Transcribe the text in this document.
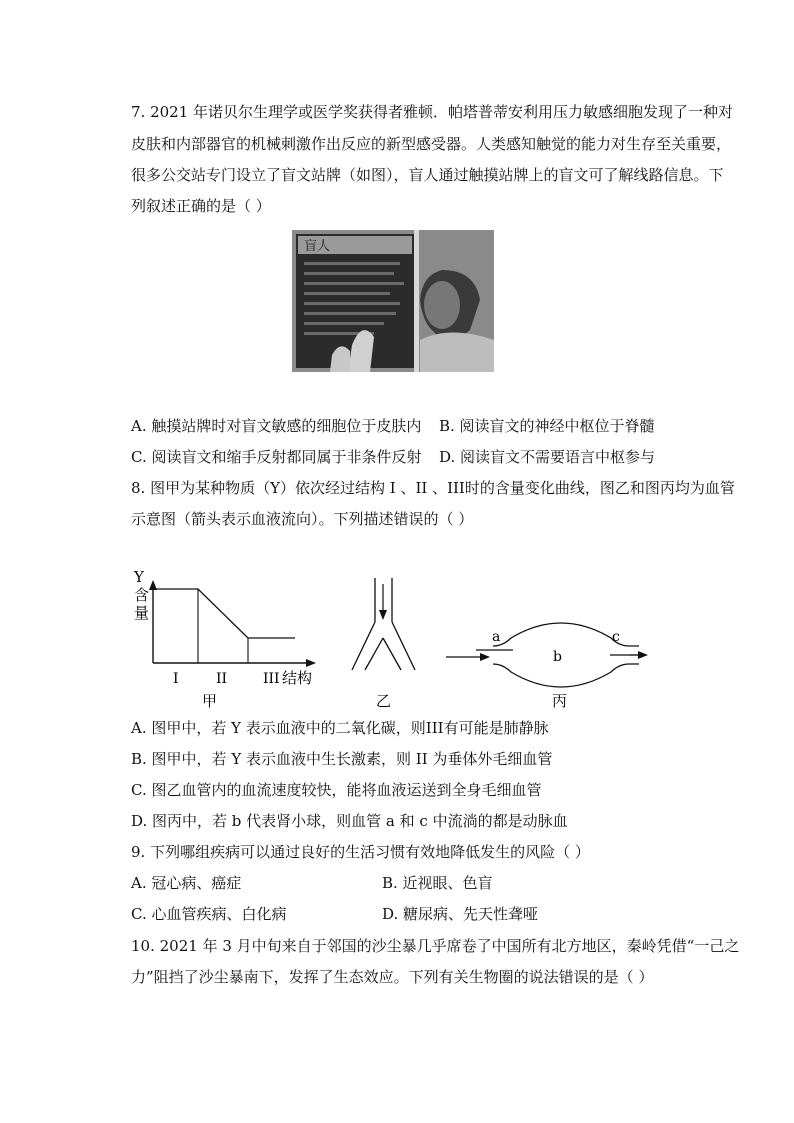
7. 2021 年诺贝尔生理学或医学奖获得者雅顿．帕塔普蒂安利用压力敏感细胞发现了一种对
皮肤和内部器官的机械刺激作出反应的新型感受器。人类感知触觉的能力对生存至关重要，
很多公交站专门设立了盲文站牌（如图），盲人通过触摸站牌上的盲文可了解线路信息。下
列叙述正确的是（ ）
盲人
A. 触摸站牌时对盲文敏感的细胞位于皮肤内 B. 阅读盲文的神经中枢位于脊髓
C. 阅读盲文和缩手反射都同属于非条件反射 D. 阅读盲文不需要语言中枢参与
8. 图甲为某种物质（Y）依次经过结构 I 、II 、III时的含量变化曲线，图乙和图丙均为血管
示意图（箭头表示血液流向）。下列描述错误的（ ）
Y
含
量
I	II	III 结构
甲	乙
a
b
c
丙
A. 图甲中，若 Y 表示血液中的二氧化碳，则III有可能是肺静脉
B. 图甲中，若 Y 表示血液中生长激素，则 II 为垂体外毛细血管
C. 图乙血管内的血流速度较快，能将血液运送到全身毛细血管
D. 图丙中，若 b 代表肾小球，则血管 a 和 c 中流淌的都是动脉血
9. 下列哪组疾病可以通过良好的生活习惯有效地降低发生的风险（ ）
A. 冠心病、癌症	B. 近视眼、色盲
C. 心血管疾病、白化病	D. 糖尿病、先天性聋哑
10. 2021 年 3 月中旬来自于邻国的沙尘暴几乎席卷了中国所有北方地区，秦岭凭借“一己之
力”阻挡了沙尘暴南下，发挥了生态效应。下列有关生物圈的说法错误的是（ ）
